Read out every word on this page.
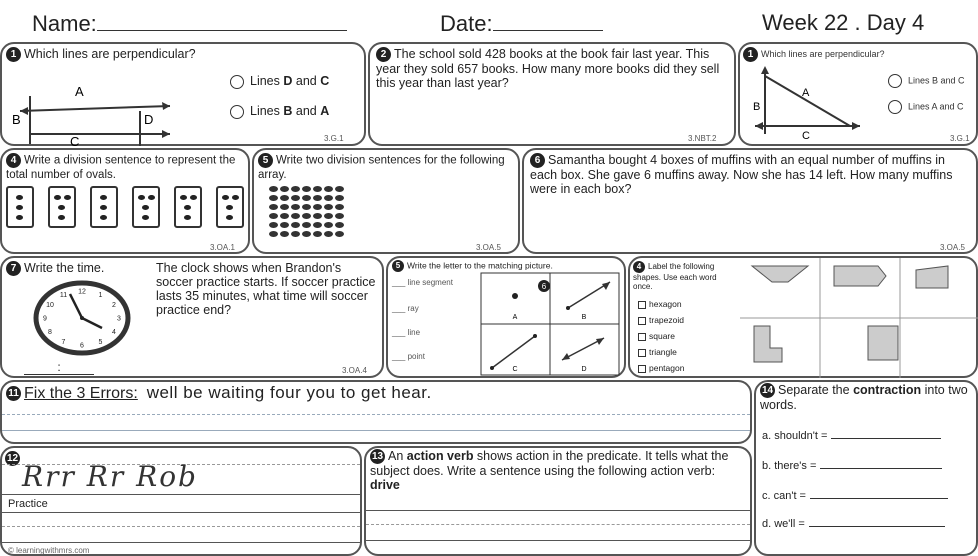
Name:	Date:	Week 22 . Day 4
1 Which lines are perpendicular?
A
B
C
D
Lines D and C
Lines B and A
3.G.1
2 The school sold 428 books at the book fair last year. This year they sold 657 books. How many more books did they sell this year than last year?
3.NBT.2
1 Which lines are perpendicular?
A
B
C
Lines B and C
Lines A and C
3.G.1
4 Write a division sentence to represent the total number of ovals.
3.OA.1
5 Write two division sentences for the following array.
3.OA.5
6 Samantha bought 4 boxes of muffins with an equal number of muffins in each box. She gave 6 muffins away. Now she has 14 left. How many muffins were in each box?
3.OA.5
7 Write the time.	The clock shows when Brandon's soccer practice starts. If soccer practice lasts 35 minutes, what time will soccer practice end?
12
1
2
3
4
5
6
7
8
9
10
11
:	3.OA.4
5 Write the letter to the matching picture.
___ line segment
___ ray
___ line
___ point
6
A	B
C	D
4 Label the following shapes. Use each word once.
hexagon
trapezoid
square
triangle
pentagon
11 Fix the 3 Errors: well be waiting four you to get hear.	14 Separate the contraction into two words.
a. shouldn't =
b. there's =
c. can't =
d. we'll =
12
Rrr Rr Rob
Practice
© learningwithmrs.com
13 An action verb shows action in the predicate. It tells what the subject does. Write a sentence using the following action verb: drive
